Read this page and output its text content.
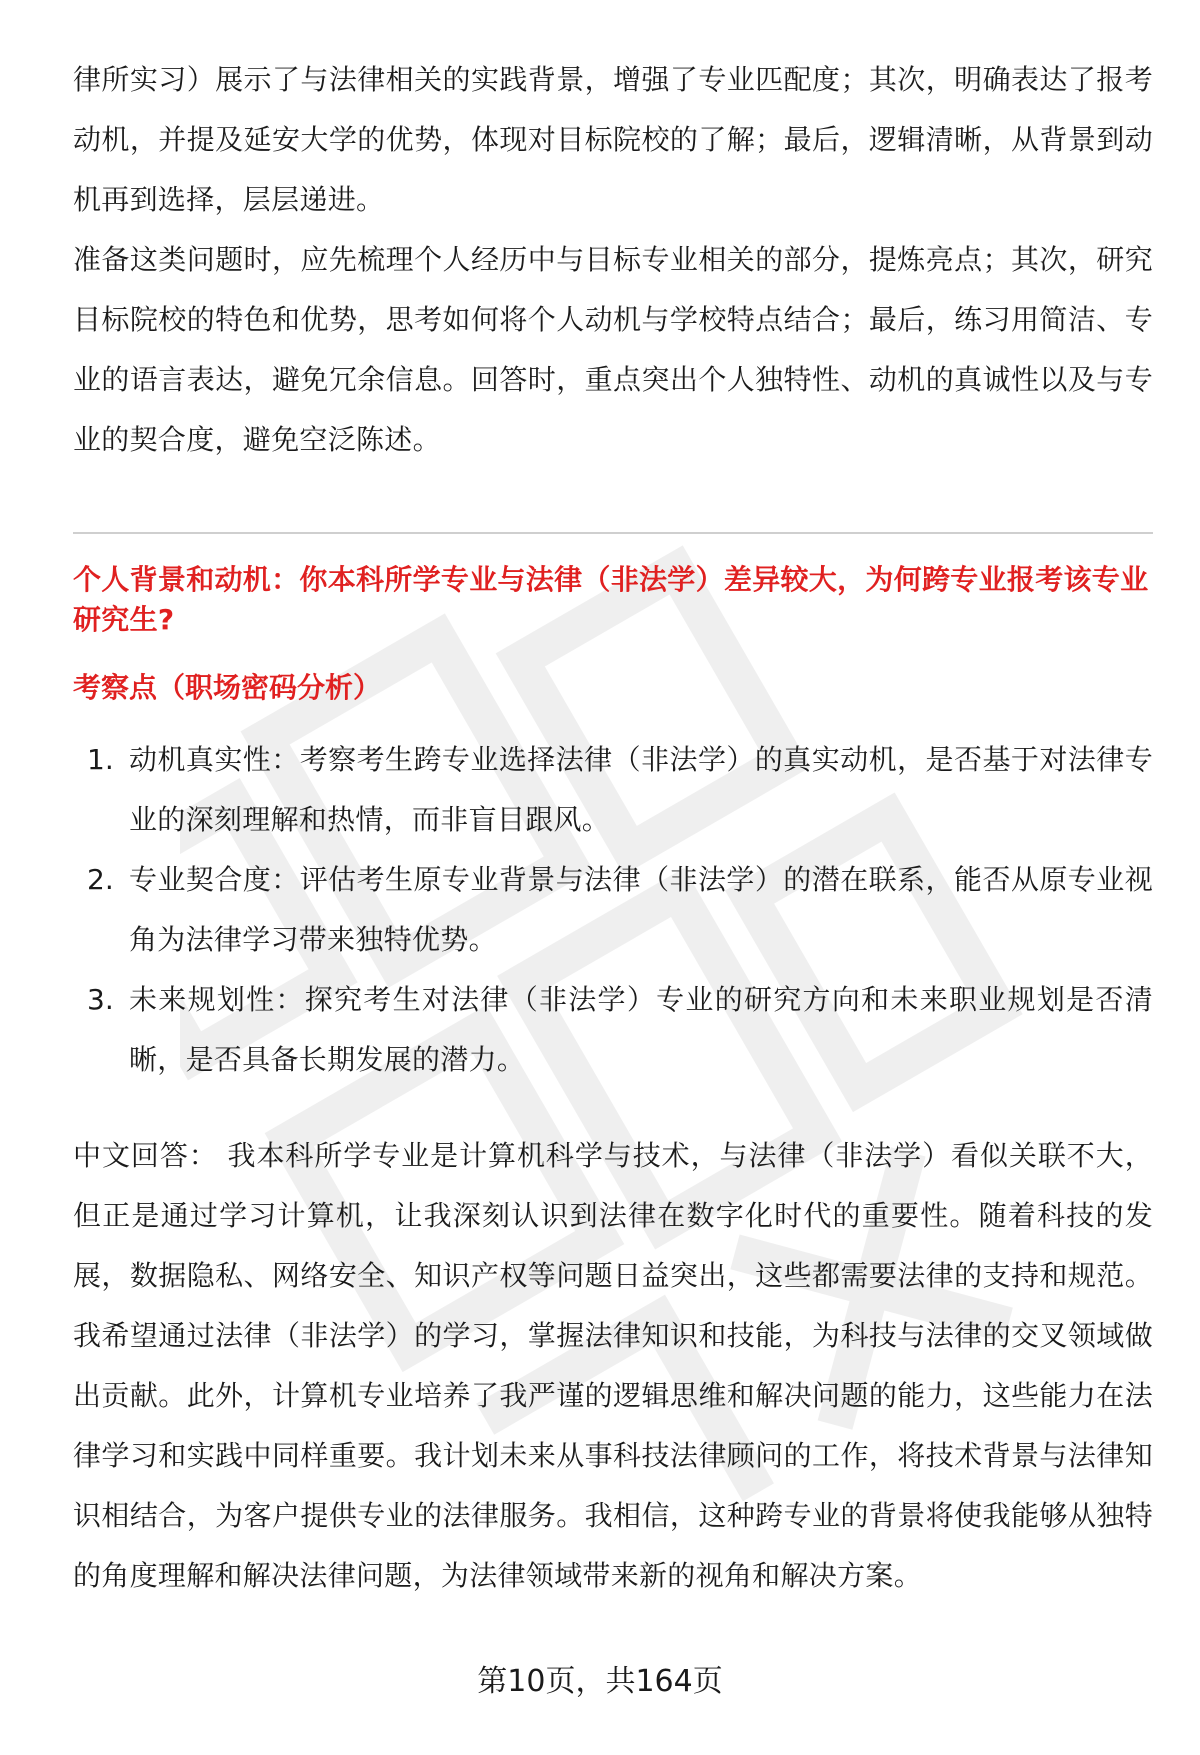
律所实习）展示了与法律相关的实践背景，增强了专业匹配度；其次，明确表达了报考动机，并提及延安大学的优势，体现对目标院校的了解；最后，逻辑清晰，从背景到动机再到选择，层层递进。

准备这类问题时，应先梳理个人经历中与目标专业相关的部分，提炼亮点；其次，研究目标院校的特色和优势，思考如何将个人动机与学校特点结合；最后，练习用简洁、专业的语言表达，避免冗余信息。回答时，重点突出个人独特性、动机的真诚性以及与专业的契合度，避免空泛陈述。

个人背景和动机：你本科所学专业与法律（非法学）差异较大，为何跨专业报考该专业研究生?
考察点（职场密码分析）
1. 动机真实性：考察考生跨专业选择法律（非法学）的真实动机，是否基于对法律专业的深刻理解和热情，而非盲目跟风。
2. 专业契合度：评估考生原专业背景与法律（非法学）的潜在联系，能否从原专业视角为法律学习带来独特优势。
3. 未来规划性：探究考生对法律（非法学）专业的研究方向和未来职业规划是否清晰，是否具备长期发展的潜力。

中文回答： 我本科所学专业是计算机科学与技术，与法律（非法学）看似关联不大，但正是通过学习计算机，让我深刻认识到法律在数字化时代的重要性。随着科技的发展，数据隐私、网络安全、知识产权等问题日益突出，这些都需要法律的支持和规范。我希望通过法律（非法学）的学习，掌握法律知识和技能，为科技与法律的交叉领域做出贡献。此外，计算机专业培养了我严谨的逻辑思维和解决问题的能力，这些能力在法律学习和实践中同样重要。我计划未来从事科技法律顾问的工作，将技术背景与法律知识相结合，为客户提供专业的法律服务。我相信，这种跨专业的背景将使我能够从独特的角度理解和解决法律问题，为法律领域带来新的视角和解决方案。

第10页，共164页
